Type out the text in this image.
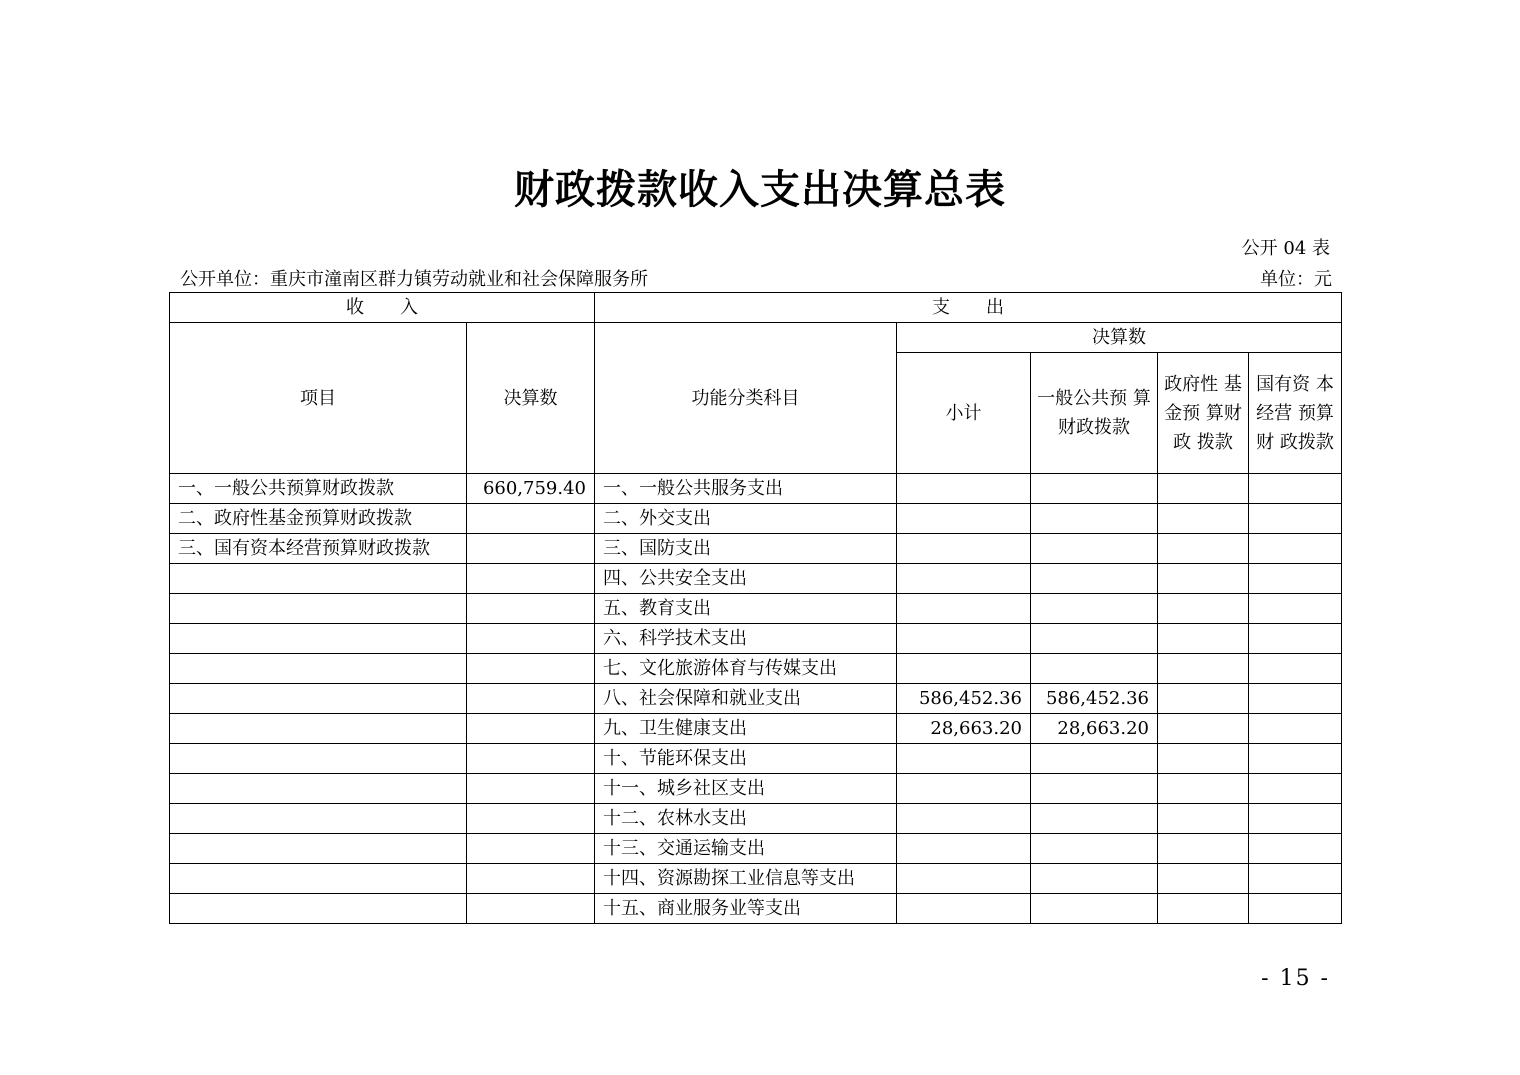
财政拨款收入支出决算总表
公开 04 表
公开单位：重庆市潼南区群力镇劳动就业和社会保障服务所	单位：元
收　　入		支　　出				
项目	决算数	功能分类科目	决算数			
			小计	一般公共预 算财政拨款	政府性 基金预 算财政 拨款	国有资 本经营 预算财 政拨款
一、一般公共预算财政拨款	660,759.40	一、一般公共服务支出				
二、政府性基金预算财政拨款		二、外交支出				
三、国有资本经营预算财政拨款		三、国防支出				
		四、公共安全支出				
		五、教育支出				
		六、科学技术支出				
		七、文化旅游体育与传媒支出				
		八、社会保障和就业支出	586,452.36	586,452.36		
		九、卫生健康支出	28,663.20	28,663.20		
		十、节能环保支出				
		十一、城乡社区支出				
		十二、农林水支出				
		十三、交通运输支出				
		十四、资源勘探工业信息等支出				
		十五、商业服务业等支出				
- 15 -
